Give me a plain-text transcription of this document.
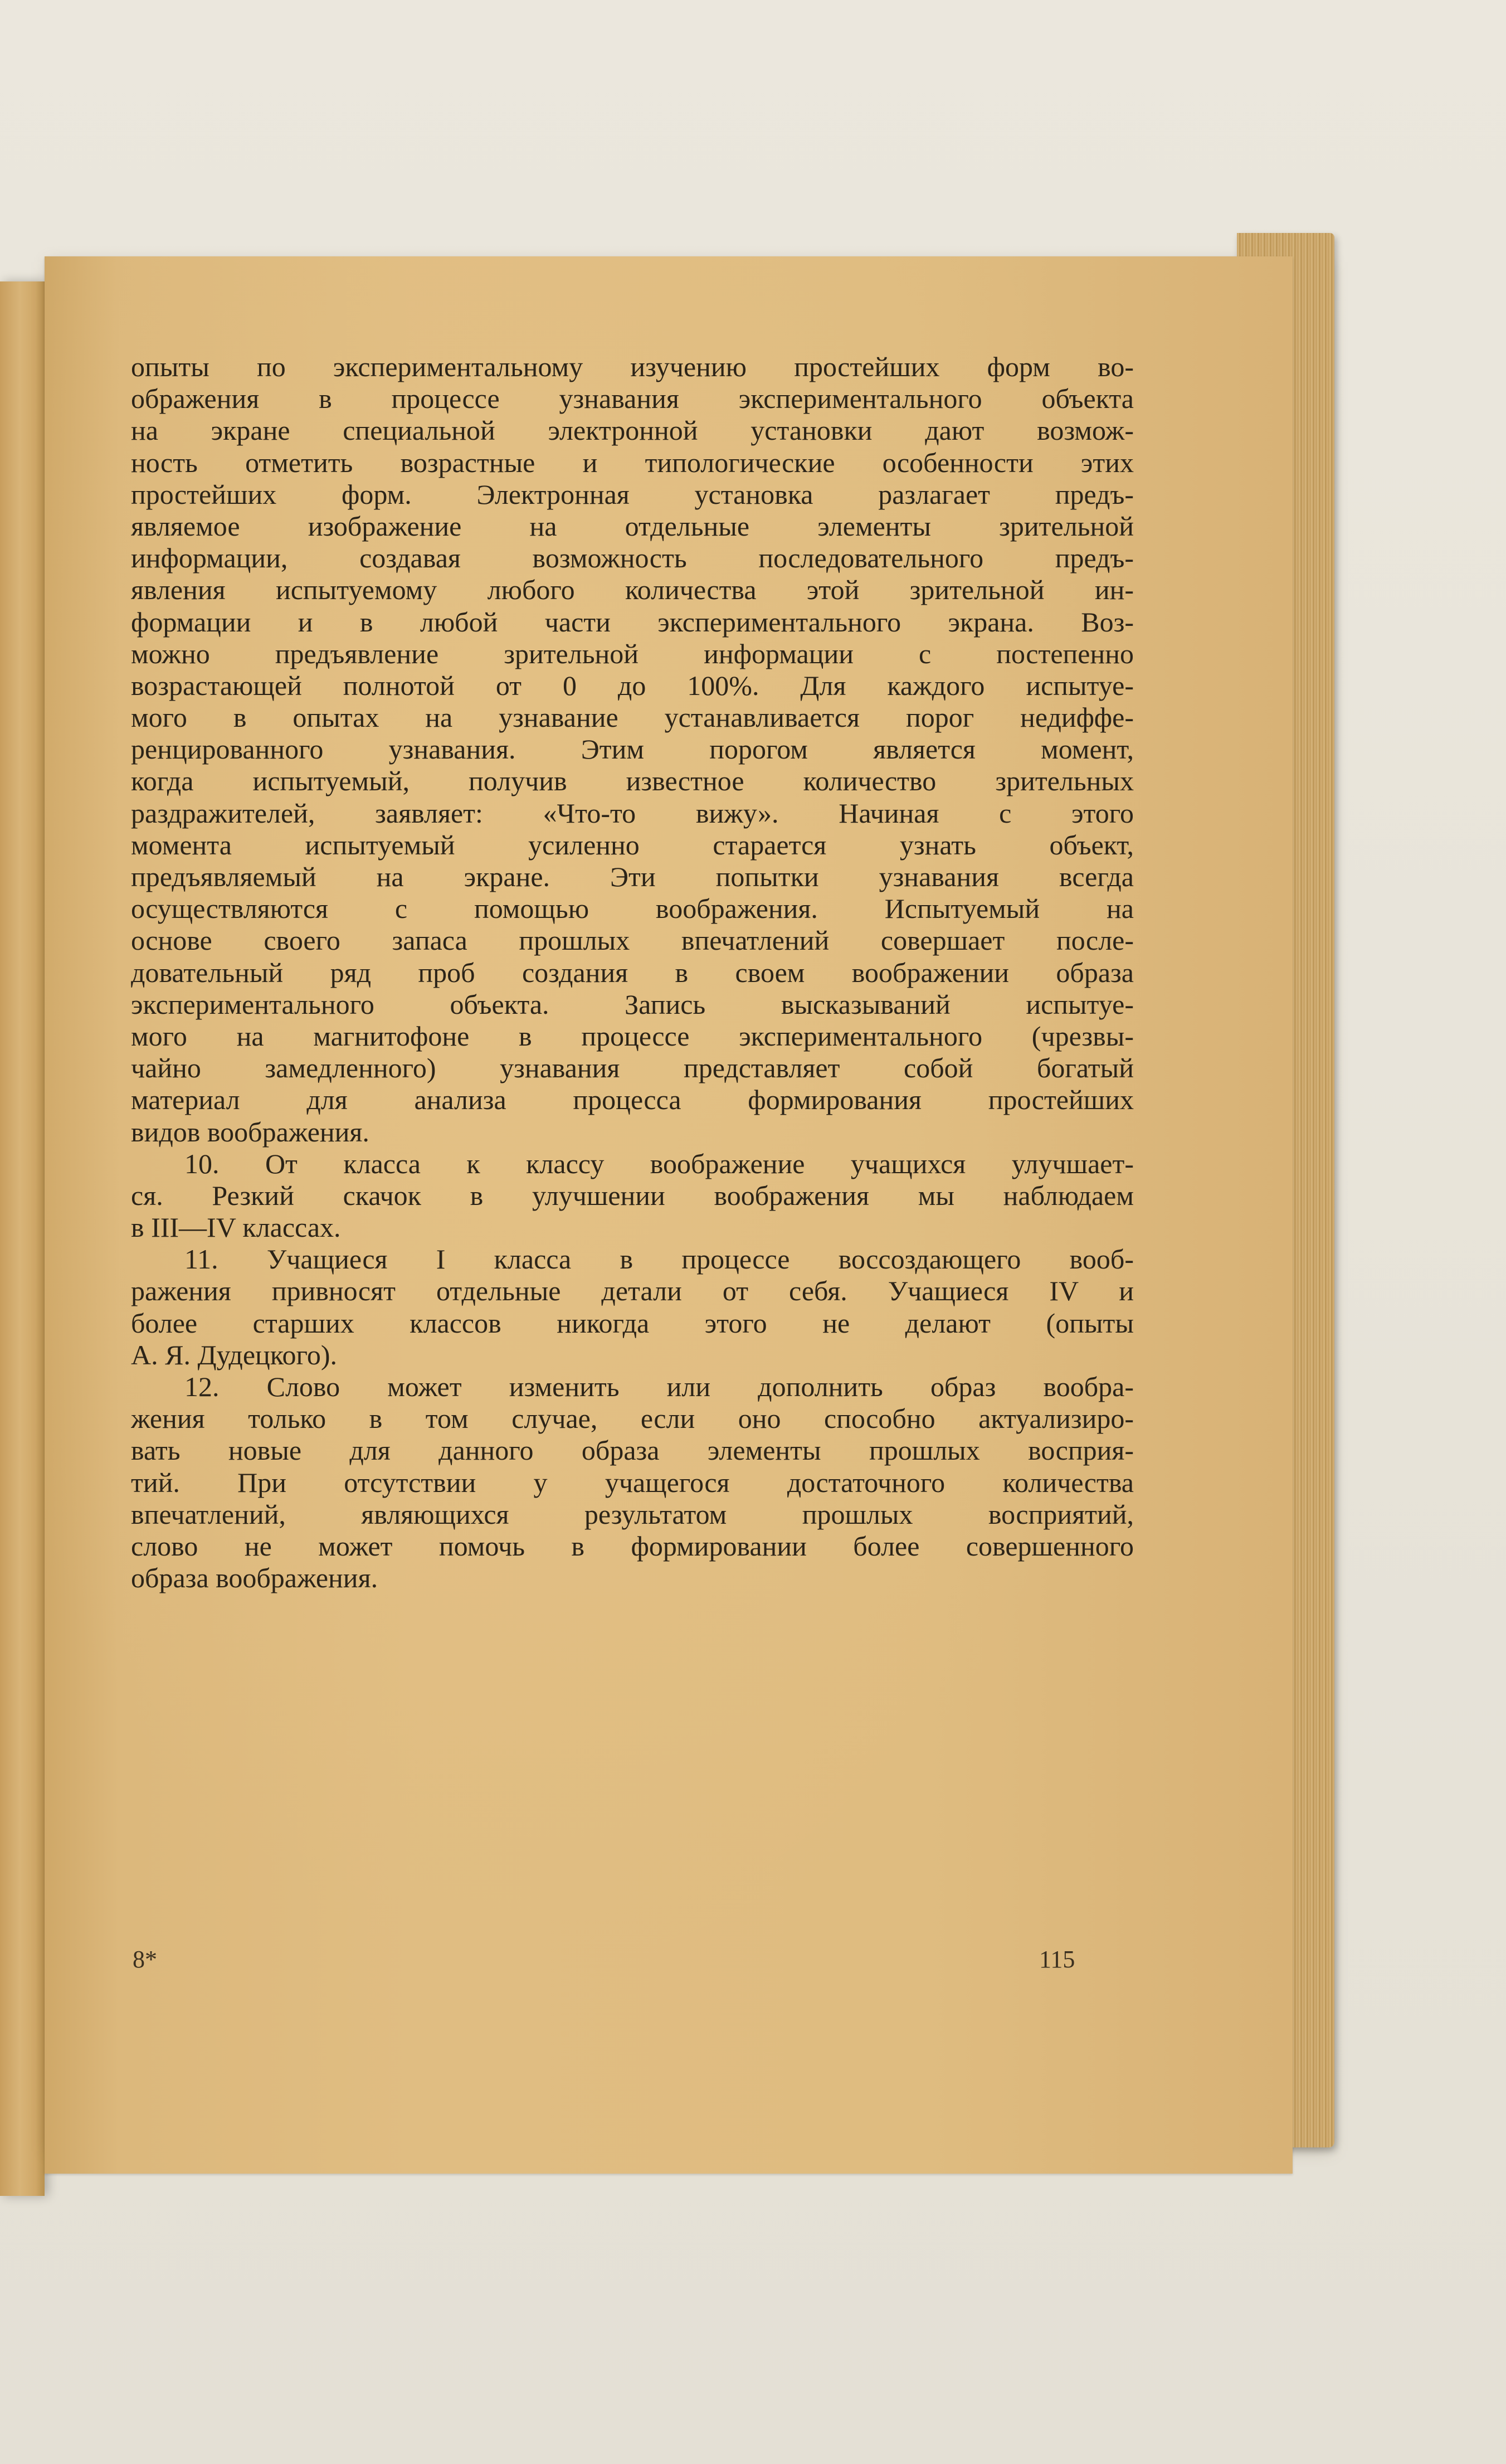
опыты по экспериментальному изучению простейших форм во-
ображения в процессе узнавания экспериментального объекта
на экране специальной электронной установки дают возмож-
ность отметить возрастные и типологические особенности этих
простейших форм. Электронная установка разлагает предъ-
являемое изображение на отдельные элементы зрительной
информации, создавая возможность последовательного предъ-
явления испытуемому любого количества этой зрительной ин-
формации и в любой части экспериментального экрана. Воз-
можно предъявление зрительной информации с постепенно
возрастающей полнотой от 0 до 100%. Для каждого испытуе-
мого в опытах на узнавание устанавливается порог недиффе-
ренцированного узнавания. Этим порогом является момент,
когда испытуемый, получив известное количество зрительных
раздражителей, заявляет: «Что-то вижу». Начиная с этого
момента испытуемый усиленно старается узнать объект,
предъявляемый на экране. Эти попытки узнавания всегда
осуществляются с помощью воображения. Испытуемый на
основе своего запаса прошлых впечатлений совершает после-
довательный ряд проб создания в своем воображении образа
экспериментального объекта. Запись высказываний испытуе-
мого на магнитофоне в процессе экспериментального (чрезвы-
чайно замедленного) узнавания представляет собой богатый
материал для анализа процесса формирования простейших
видов воображения.
10. От класса к классу воображение учащихся улучшает-
ся. Резкий скачок в улучшении воображения мы наблюдаем
в III—IV классах.
11. Учащиеся I класса в процессе воссоздающего вооб-
ражения привносят отдельные детали от себя. Учащиеся IV и
более старших классов никогда этого не делают (опыты
А. Я. Дудецкого).
12. Слово может изменить или дополнить образ вообра-
жения только в том случае, если оно способно актуализиро-
вать новые для данного образа элементы прошлых восприя-
тий. При отсутствии у учащегося достаточного количества
впечатлений, являющихся результатом прошлых восприятий,
слово не может помочь в формировании более совершенного
образа воображения.
8*	115
